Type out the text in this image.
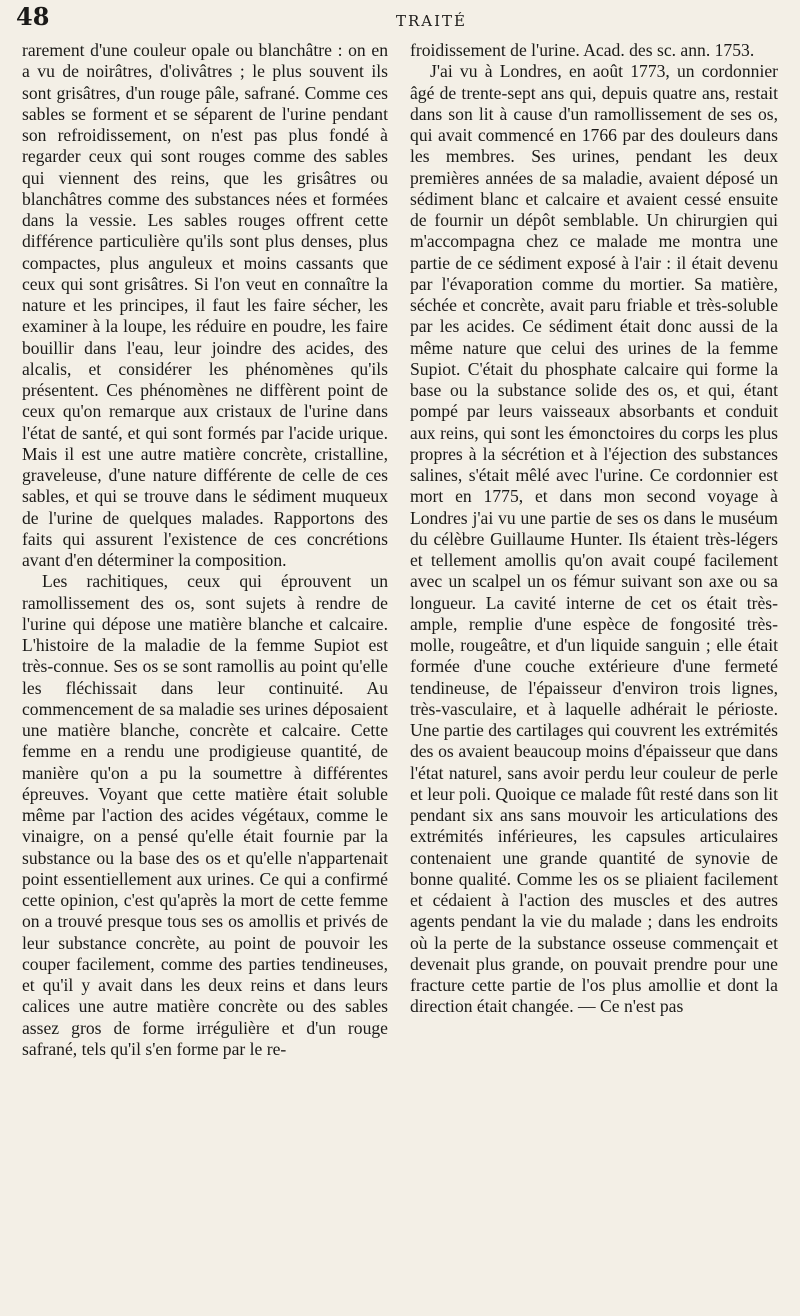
48	TRAITÉ

rarement d'une couleur opale ou blanchâtre : on en a vu de noirâtres, d'olivâtres ; le plus souvent ils sont grisâtres, d'un rouge pâle, safrané. Comme ces sables se forment et se séparent de l'urine pendant son refroidissement, on n'est pas plus fondé à regarder ceux qui sont rouges comme des sables qui viennent des reins, que les grisâtres ou blanchâtres comme des substances nées et formées dans la vessie. Les sables rouges offrent cette différence particulière qu'ils sont plus denses, plus compactes, plus anguleux et moins cassants que ceux qui sont grisâtres. Si l'on veut en connaître la nature et les principes, il faut les faire sécher, les examiner à la loupe, les réduire en poudre, les faire bouillir dans l'eau, leur joindre des acides, des alcalis, et considérer les phénomènes qu'ils présentent. Ces phénomènes ne diffèrent point de ceux qu'on remarque aux cristaux de l'urine dans l'état de santé, et qui sont formés par l'acide urique. Mais il est une autre matière concrète, cristalline, graveleuse, d'une nature différente de celle de ces sables, et qui se trouve dans le sédiment muqueux de l'urine de quelques malades. Rapportons des faits qui assurent l'existence de ces concrétions avant d'en déterminer la composition.

Les rachitiques, ceux qui éprouvent un ramollissement des os, sont sujets à rendre de l'urine qui dépose une matière blanche et calcaire. L'histoire de la maladie de la femme Supiot est très-connue. Ses os se sont ramollis au point qu'elle les fléchissait dans leur continuité. Au commencement de sa maladie ses urines déposaient une matière blanche, concrète et calcaire. Cette femme en a rendu une prodigieuse quantité, de manière qu'on a pu la soumettre à différentes épreuves. Voyant que cette matière était soluble même par l'action des acides végétaux, comme le vinaigre, on a pensé qu'elle était fournie par la substance ou la base des os et qu'elle n'appartenait point essentiellement aux urines. Ce qui a confirmé cette opinion, c'est qu'après la mort de cette femme on a trouvé presque tous ses os amollis et privés de leur substance concrète, au point de pouvoir les couper facilement, comme des parties tendineuses, et qu'il y avait dans les deux reins et dans leurs calices une autre matière concrète ou des sables assez gros de forme irrégulière et d'un rouge safrané, tels qu'il s'en forme par le re-

froidissement de l'urine. Acad. des sc. ann. 1753.

J'ai vu à Londres, en août 1773, un cordonnier âgé de trente-sept ans qui, depuis quatre ans, restait dans son lit à cause d'un ramollissement de ses os, qui avait commencé en 1766 par des douleurs dans les membres. Ses urines, pendant les deux premières années de sa maladie, avaient déposé un sédiment blanc et calcaire et avaient cessé ensuite de fournir un dépôt semblable. Un chirurgien qui m'accompagna chez ce malade me montra une partie de ce sédiment exposé à l'air : il était devenu par l'évaporation comme du mortier. Sa matière, séchée et concrète, avait paru friable et très-soluble par les acides. Ce sédiment était donc aussi de la même nature que celui des urines de la femme Supiot. C'était du phosphate calcaire qui forme la base ou la substance solide des os, et qui, étant pompé par leurs vaisseaux absorbants et conduit aux reins, qui sont les émonctoires du corps les plus propres à la sécrétion et à l'éjection des substances salines, s'était mêlé avec l'urine. Ce cordonnier est mort en 1775, et dans mon second voyage à Londres j'ai vu une partie de ses os dans le muséum du célèbre Guillaume Hunter. Ils étaient très-légers et tellement amollis qu'on avait coupé facilement avec un scalpel un os fémur suivant son axe ou sa longueur. La cavité interne de cet os était très-ample, remplie d'une espèce de fongosité très-molle, rougeâtre, et d'un liquide sanguin ; elle était formée d'une couche extérieure d'une fermeté tendineuse, de l'épaisseur d'environ trois lignes, très-vasculaire, et à laquelle adhérait le périoste. Une partie des cartilages qui couvrent les extrémités des os avaient beaucoup moins d'épaisseur que dans l'état naturel, sans avoir perdu leur couleur de perle et leur poli. Quoique ce malade fût resté dans son lit pendant six ans sans mouvoir les articulations des extrémités inférieures, les capsules articulaires contenaient une grande quantité de synovie de bonne qualité. Comme les os se pliaient facilement et cédaient à l'action des muscles et des autres agents pendant la vie du malade ; dans les endroits où la perte de la substance osseuse commençait et devenait plus grande, on pouvait prendre pour une fracture cette partie de l'os plus amollie et dont la direction était changée. — Ce n'est pas
